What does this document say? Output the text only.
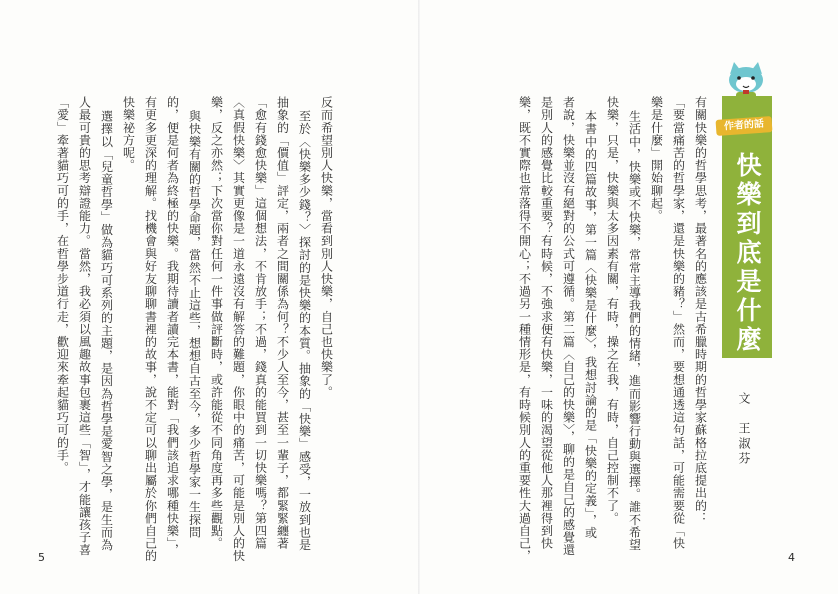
快樂到底是什麼
作者的話
文　王淑芬
有關快樂的哲學思考，最著名的應該是古希臘時期的哲學家蘇格拉底提出的：
「要當痛苦的哲學家，還是快樂的豬？」然而，要想通透這句話，可能需要從「快
樂是什麼」開始聊起。
生活中，快樂或不快樂，常常主導我們的情緒，進而影響行動與選擇。誰不希望
快樂，只是，快樂與太多因素有關，有時，操之在我，有時，自己控制不了。
本書中的四篇故事，第一篇〈快樂是什麼〉，我想討論的是「快樂的定義」，或
者說，快樂並沒有絕對的公式可遵循。第二篇〈自己的快樂〉，聊的是自己的感覺還
是別人的感覺比較重要？有時候，不強求便有快樂，一味的渴望從他人那裡得到快
樂，既不實際也常落得不開心；不過另一種情形是，有時候別人的重要性大過自己，	4
反而希望別人快樂，當看到別人快樂，自己也快樂了。
至於〈快樂多少錢？〉探討的是快樂的本質。抽象的「快樂」感受，一放到也是
抽象的「價值」評定，兩者之間關係為何？不少人至今，甚至一輩子，都緊緊纏著
「愈有錢愈快樂」這個想法，不肯放手；不過，錢真的能買到一切快樂嗎？第四篇
〈真假快樂〉其實更像是一道永遠沒有解答的難題，你眼中的痛苦，可能是別人的快
樂，反之亦然；下次當你對任何一件事做評斷時，或許能從不同角度再多些觀點。
與快樂有關的哲學命題，當然不止這些，想想自古至今，多少哲學家一生探問
的，便是何者為終極的快樂。我期待讀者讀完本書，能對「我們該追求哪種快樂」，
有更多更深的理解。找機會與好友聊聊書裡的故事，說不定可以聊出屬於你們自己的
快樂祕方呢。
選擇以「兒童哲學」做為貓巧可系列的主題，是因為哲學是愛智之學，是生而為
人最可貴的思考辯證能力。當然，我必須以風趣故事包裹這些「智」，才能讓孩子喜
「愛」牽著貓巧可的手，在哲學步道行走，歡迎來牽起貓巧可的手。
5
